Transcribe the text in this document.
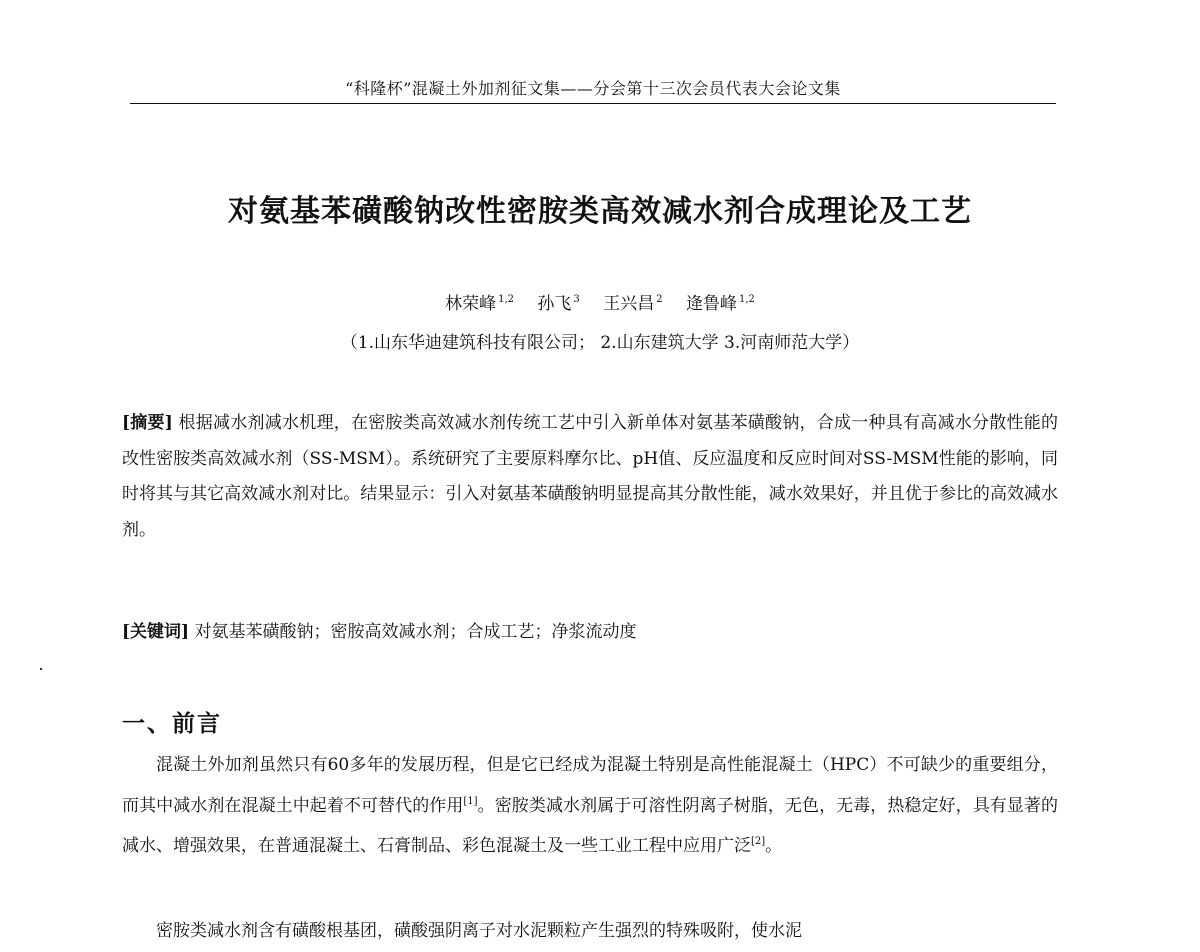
“科隆杯”混凝土外加剂征文集——分会第十三次会员代表大会论文集
对氨基苯磺酸钠改性密胺类高效减水剂合成理论及工艺
林荣峰 $^{1,2}$ 孙飞 $^3$ 王兴昌 $^2$ 逄鲁峰 $^{1,2}$
（1.山东华迪建筑科技有限公司； 2.山东建筑大学 3.河南师范大学）
[摘要] 根据减水剂减水机理，在密胺类高效减水剂传统工艺中引入新单体对氨基苯磺酸钠，合成一种具有高减水分散性能的改性密胺类高效减水剂（SS-MSM）。系统研究了主要原料摩尔比、pH值、反应温度和反应时间对SS-MSM性能的影响，同时将其与其它高效减水剂对比。结果显示：引入对氨基苯磺酸钠明显提高其分散性能，减水效果好，并且优于参比的高效减水剂。
[关键词] 对氨基苯磺酸钠；密胺高效减水剂；合成工艺；净浆流动度
一、前言
混凝土外加剂虽然只有60多年的发展历程，但是它已经成为混凝土特别是高性能混凝土（HPC）不可缺少的重要组分，而其中减水剂在混凝土中起着不可替代的作用[1]。密胺类减水剂属于可溶性阴离子树脂，无色，无毒，热稳定好，具有显著的减水、增强效果，在普通混凝土、石膏制品、彩色混凝土及一些工业工程中应用广泛[2]。
密胺类减水剂含有磺酸根基团，磺酸强阴离子对水泥颗粒产生强烈的特殊吸附，使水泥
